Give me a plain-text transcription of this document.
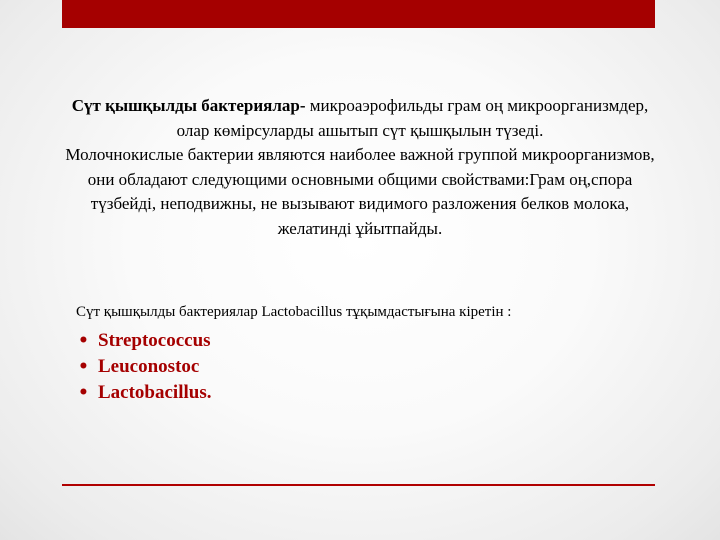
Сүт қышқылды бактериялар- микроаэрофильды грам оң микроорганизмдер, олар көмірсуларды ашытып сүт қышқылын түзеді.

Молочнокислые бактерии являются наиболее важной группой микроорганизмов, они обладают следующими основными общими свойствами:Грам оң,спора түзбейді, неподвижны, не вызывают видимого разложения белков молока, желатинді ұйытпайды.

Сүт қышқылды бактериялар Lactobacillus тұқымдастығына кіретін :

• Streptococcus
• Leuconostoc
• Lactobacillus.
